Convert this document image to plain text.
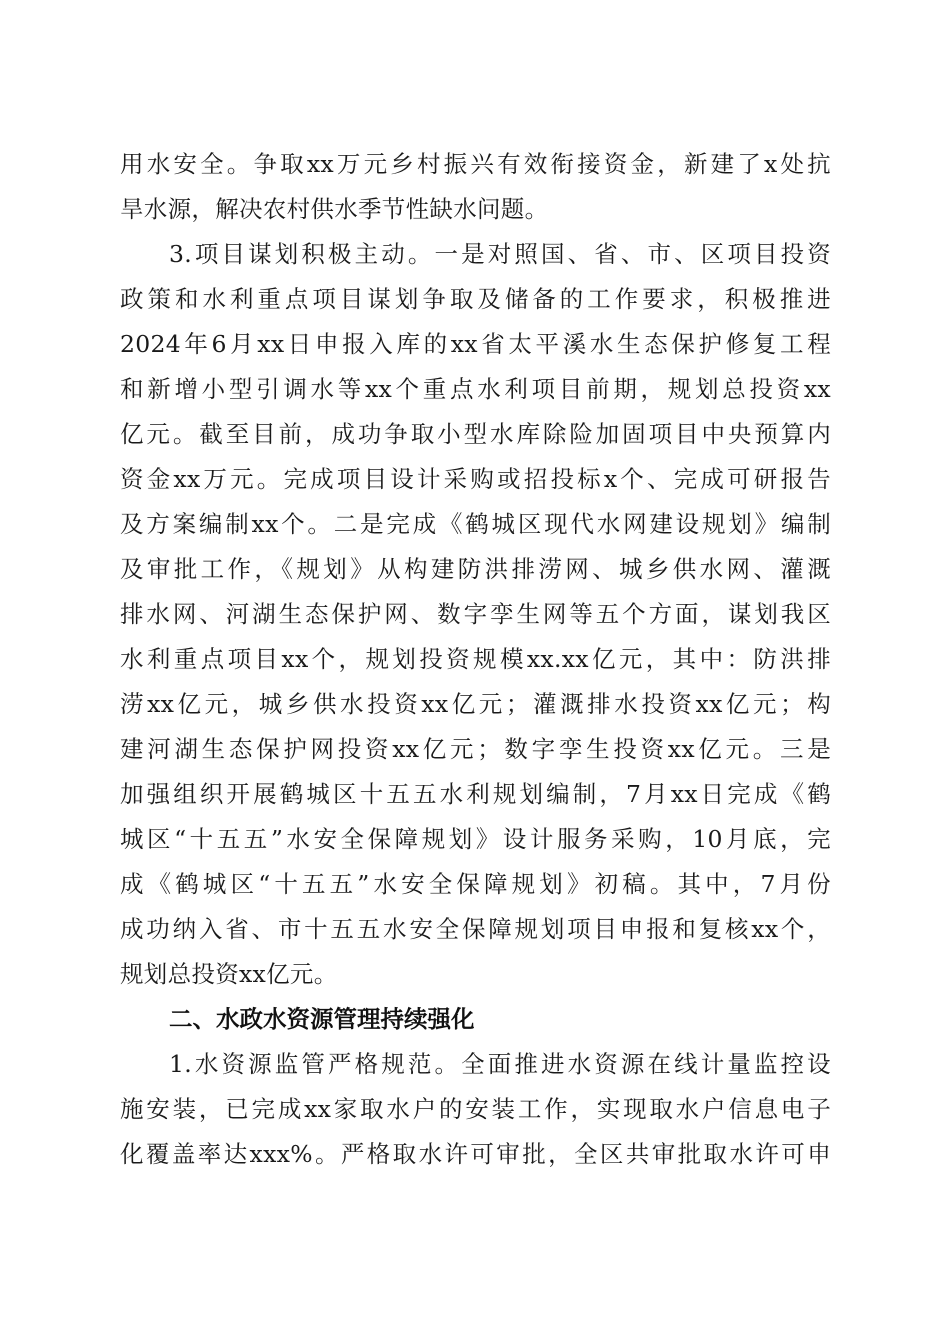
用水安全。争取xx万元乡村振兴有效衔接资金，新建了x处抗
旱水源，解决农村供水季节性缺水问题。
3.项目谋划积极主动。一是对照国、省、市、区项目投资
政策和水利重点项目谋划争取及储备的工作要求，积极推进
2024年6月xx日申报入库的xx省太平溪水生态保护修复工程
和新增小型引调水等xx个重点水利项目前期，规划总投资xx
亿元。截至目前，成功争取小型水库除险加固项目中央预算内
资金xx万元。完成项目设计采购或招投标x个、完成可研报告
及方案编制xx个。二是完成《鹤城区现代水网建设规划》编制
及审批工作，《规划》从构建防洪排涝网、城乡供水网、灌溉
排水网、河湖生态保护网、数字孪生网等五个方面，谋划我区
水利重点项目xx个，规划投资规模xx.xx亿元，其中：防洪排
涝xx亿元，城乡供水投资xx亿元；灌溉排水投资xx亿元；构
建河湖生态保护网投资xx亿元；数字孪生投资xx亿元。三是
加强组织开展鹤城区十五五水利规划编制，7月xx日完成《鹤
城区“十五五”水安全保障规划》设计服务采购，10月底，完
成《鹤城区“十五五”水安全保障规划》初稿。其中，7月份
成功纳入省、市十五五水安全保障规划项目申报和复核xx个，
规划总投资xx亿元。
二、水政水资源管理持续强化
1.水资源监管严格规范。全面推进水资源在线计量监控设
施安装，已完成xx家取水户的安装工作，实现取水户信息电子
化覆盖率达xxx%。严格取水许可审批，全区共审批取水许可申
